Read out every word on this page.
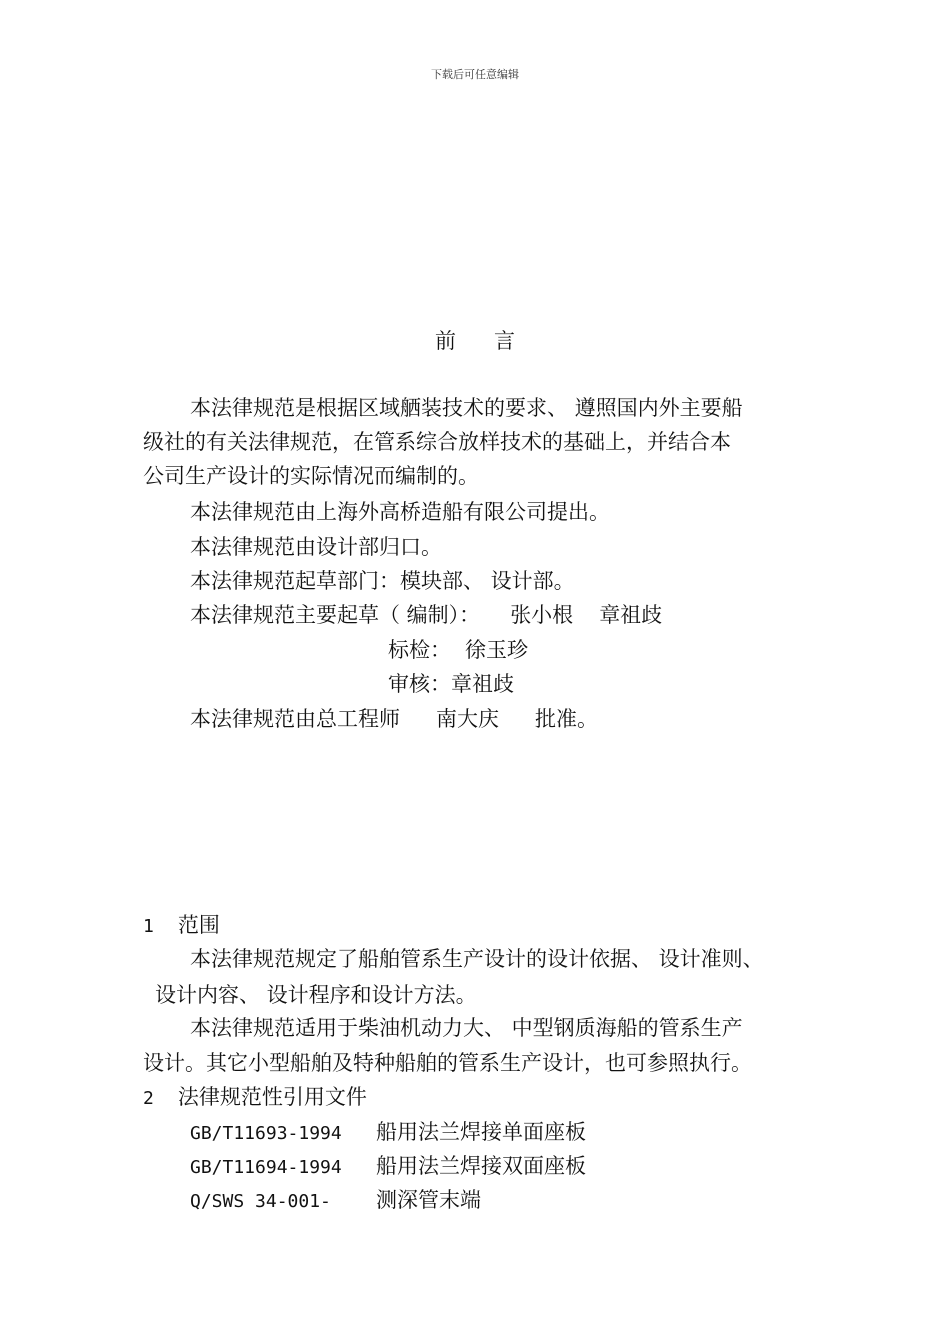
下载后可任意编辑
前言
本法律规范是根据区域舾装技术的要求、 遵照国内外主要船
级社的有关法律规范，在管系综合放样技术的基础上，并结合本
公司生产设计的实际情况而编制的。
本法律规范由上海外高桥造船有限公司提出。
本法律规范由设计部归口。
本法律规范起草部门：模块部、 设计部。
本法律规范主要起草（ 编制）： 张小根 章祖歧
标检： 徐玉珍
审核：章祖歧
本法律规范由总工程师 南大庆 批准。
1 范围
本法律规范规定了船舶管系生产设计的设计依据、 设计准则、
设计内容、 设计程序和设计方法。
本法律规范适用于柴油机动力大、 中型钢质海船的管系生产
设计。其它小型船舶及特种船舶的管系生产设计，也可参照执行。
2 法律规范性引用文件
GB/T11693-1994 船用法兰焊接单面座板
GB/T11694-1994 船用法兰焊接双面座板
Q/SWS 34-001- 测深管末端
